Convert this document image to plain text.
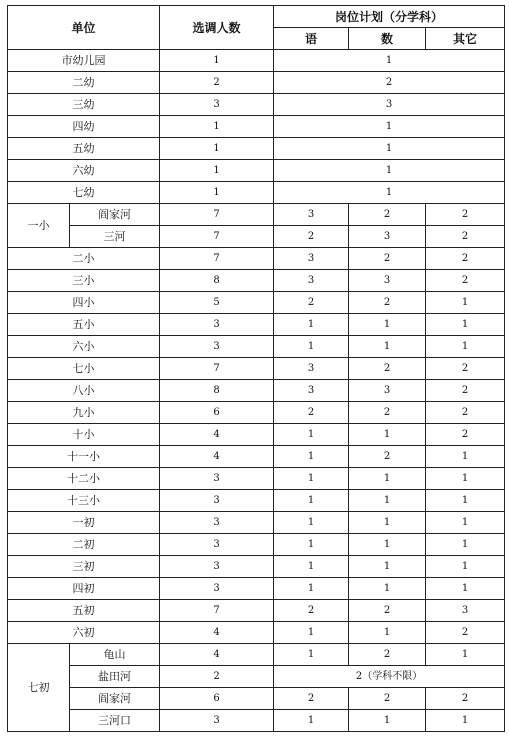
单位		选调人数	岗位计划（分学科）		
			语	数	其它
市幼儿园		1	1		
二幼		2	2		
三幼		3	3		
四幼		1	1		
五幼		1	1		
六幼		1	1		
七幼		1	1		
一小	阎家河	7	3	2	2
	三河	7	2	3	2
二小		7	3	2	2
三小		8	3	3	2
四小		5	2	2	1
五小		3	1	1	1
六小		3	1	1	1
七小		7	3	2	2
八小		8	3	3	2
九小		6	2	2	2
十小		4	1	1	2
十一小		4	1	2	1
十二小		3	1	1	1
十三小		3	1	1	1
一初		3	1	1	1
二初		3	1	1	1
三初		3	1	1	1
四初		3	1	1	1
五初		7	2	2	3
六初		4	1	1	2
七初	龟山	4	1	2	1
	盐田河	2	2（学科不限）		
	阎家河	6	2	2	2
	三河口	3	1	1	1
